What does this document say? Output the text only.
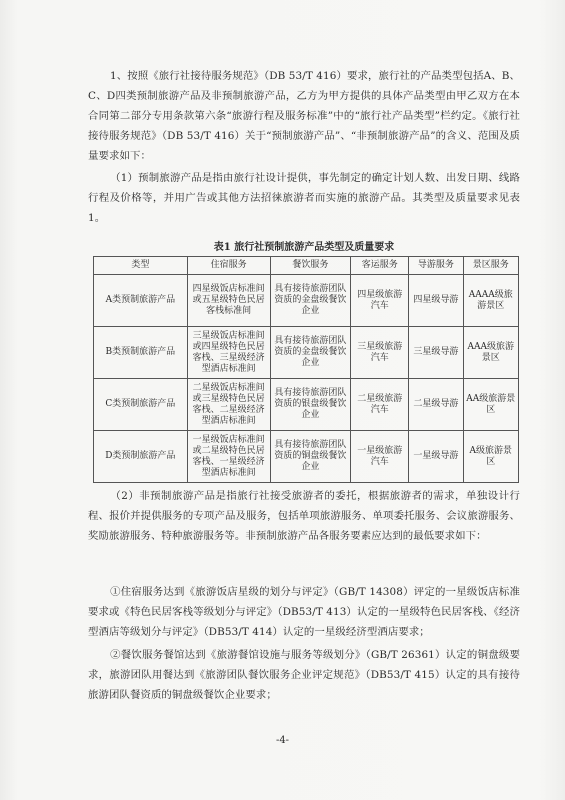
1、按照《旅行社接待服务规范》（DB 53/T 416）要求，旅行社的产品类型包括A、B、C、D四类预制旅游产品及非预制旅游产品，乙方为甲方提供的具体产品类型由甲乙双方在本合同第二部分专用条款第六条“旅游行程及服务标准”中的“旅行社产品类型”栏约定。《旅行社接待服务规范》（DB 53/T 416）关于“预制旅游产品”、“非预制旅游产品”的含义、范围及质量要求如下：

（1）预制旅游产品是指由旅行社设计提供，事先制定的确定计划人数、出发日期、线路行程及价格等，并用广告或其他方法招徕旅游者而实施的旅游产品。其类型及质量要求见表1。

表1 旅行社预制旅游产品类型及质量要求
类型	住宿服务	餐饮服务	客运服务	导游服务	景区服务
A类预制旅游产品	四星级饭店标准间或五星级特色民居客栈标准间	具有接待旅游团队资质的金盘级餐饮企业	四星级旅游汽车	四星级导游	AAAA级旅游景区
B类预制旅游产品	三星级饭店标准间或四星级特色民居客栈、三星级经济型酒店标准间	具有接待旅游团队资质的金盘级餐饮企业	三星级旅游汽车	三星级导游	AAA级旅游景区
C类预制旅游产品	二星级饭店标准间或三星级特色民居客栈、二星级经济型酒店标准间	具有接待旅游团队资质的银盘级餐饮企业	二星级旅游汽车	二星级导游	AA级旅游景区
D类预制旅游产品	一星级饭店标准间或二星级特色民居客栈、一星级经济型酒店标准间	具有接待旅游团队资质的铜盘级餐饮企业	一星级旅游汽车	一星级导游	A级旅游景区

（2）非预制旅游产品是指旅行社接受旅游者的委托，根据旅游者的需求，单独设计行程、报价并提供服务的专项产品及服务，包括单项旅游服务、单项委托服务、会议旅游服务、奖励旅游服务、特种旅游服务等。非预制旅游产品各服务要素应达到的最低要求如下：

①住宿服务达到《旅游饭店星级的划分与评定》（GB/T 14308）评定的一星级饭店标准要求或《特色民居客栈等级划分与评定》（DB53/T 413）认定的一星级特色民居客栈、《经济型酒店等级划分与评定》（DB53/T 414）认定的一星级经济型酒店要求；

②餐饮服务餐馆达到《旅游餐馆设施与服务等级划分》（GB/T 26361）认定的铜盘级要求，旅游团队用餐达到《旅游团队餐饮服务企业评定规范》（DB53/T 415）认定的具有接待旅游团队餐资质的铜盘级餐饮企业要求；

-4-
